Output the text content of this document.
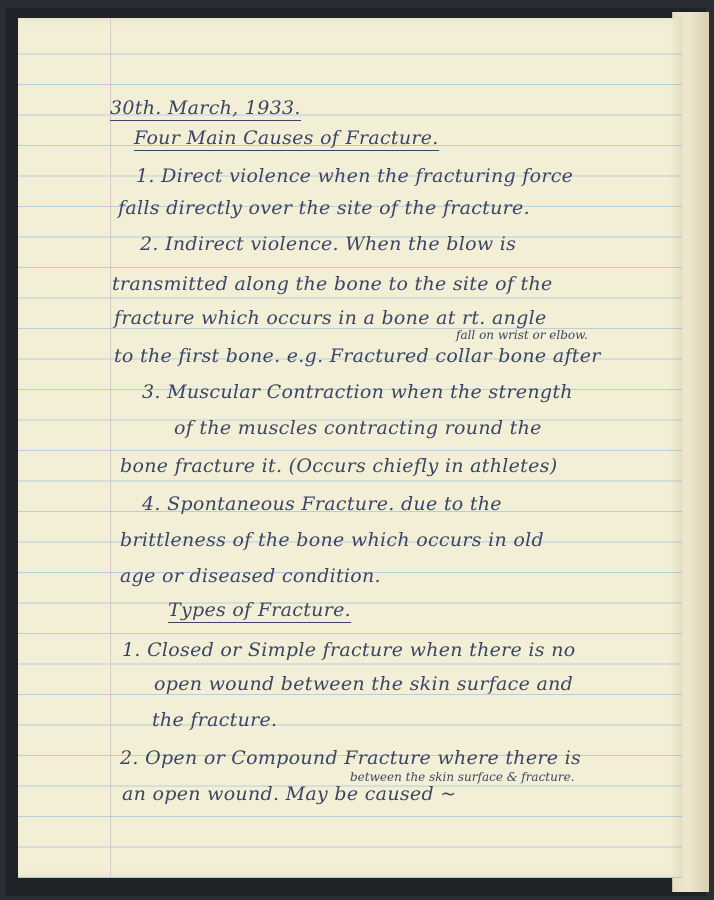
30th. March, 1933.

Four Main Causes of Fracture.

1. Direct violence when the fracturing force

falls directly over the site of the fracture.

2. Indirect violence. When the blow is

transmitted along the bone to the site of the

fracture which occurs in a bone at rt. angle

fall on wrist or elbow.

to the first bone. e.g. Fractured collar bone after

3. Muscular Contraction when the strength

of the muscles contracting round the

bone fracture it. (Occurs chiefly in athletes)

4. Spontaneous Fracture. due to the

brittleness of the bone which occurs in old

age or diseased condition.

Types of Fracture.

1. Closed or Simple fracture when there is no

open wound between the skin surface and

the fracture.

2. Open or Compound Fracture where there is

between the skin surface & fracture.

an open wound. May be caused ~
